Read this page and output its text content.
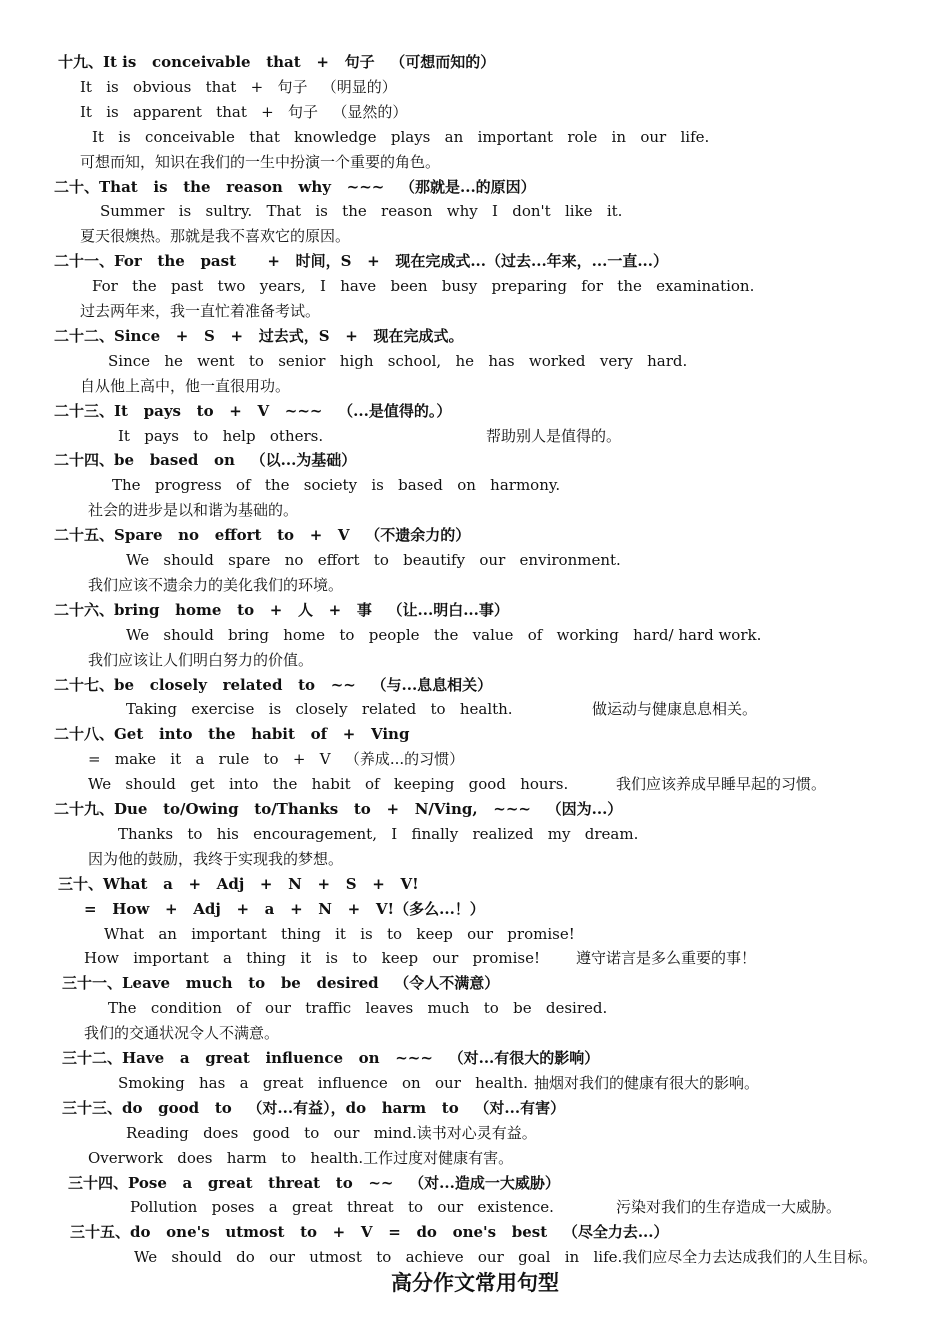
十九、It is   conceivable   that   +   句子   （可想而知的）
It   is   obvious   that   +   句子   （明显的）
It   is   apparent   that   +   句子   （显然的）
It   is   conceivable   that   knowledge   plays   an   important   role   in   our   life.
可想而知，知识在我们的一生中扮演一个重要的角色。
二十、That   is   the   reason   why   ~~~   （那就是...的原因）
Summer   is   sultry.   That   is   the   reason   why   I   don't   like   it.
夏天很燠热。那就是我不喜欢它的原因。
二十一、For   the   past      +   时间，S   +   现在完成式...（过去...年来，...一直...）
For   the   past   two   years,   I   have   been   busy   preparing   for   the   examination.
过去两年来，我一直忙着准备考试。
二十二、Since   +   S   +   过去式，S   +   现在完成式。
Since   he   went   to   senior   high   school,   he   has   worked   very   hard.
自从他上高中，他一直很用功。
二十三、It   pays   to   +   V   ~~~   （...是值得的。）
It   pays   to   help   others.	帮助别人是值得的。
二十四、be   based   on   （以...为基础）
The   progress   of   the   society   is   based   on   harmony.
社会的进步是以和谐为基础的。
二十五、Spare   no   effort   to   +   V   （不遗余力的）
We   should   spare   no   effort   to   beautify   our   environment.
我们应该不遗余力的美化我们的环境。
二十六、bring   home   to   +   人   +   事   （让...明白...事）
We   should   bring   home   to   people   the   value   of   working   hard/ hard work.
我们应该让人们明白努力的价值。
二十七、be   closely   related   to   ~~   （与...息息相关）
Taking   exercise   is   closely   related   to   health.	做运动与健康息息相关。
二十八、Get   into   the   habit   of   +   Ving
=   make   it   a   rule   to   +   V   （养成...的习惯）
We   should   get   into   the   habit   of   keeping   good   hours.	我们应该养成早睡早起的习惯。
二十九、Due   to/Owing   to/Thanks   to   +   N/Ving,   ~~~   （因为...）
Thanks   to   his   encouragement,   I   finally   realized   my   dream.
因为他的鼓励，我终于实现我的梦想。
三十、What   a   +   Adj   +   N   +   S   +   V!
=   How   +   Adj   +   a   +   N   +   V!（多么...！）
What   an   important   thing   it   is   to   keep   our   promise!
How   important   a   thing   it   is   to   keep   our   promise! 遵守诺言是多么重要的事！
三十一、Leave   much   to   be   desired   （令人不满意）
The   condition   of   our   traffic   leaves   much   to   be   desired.
我们的交通状况令人不满意。
三十二、Have   a   great   influence   on   ~~~   （对...有很大的影响）
Smoking   has   a   great   influence   on   our   health. 抽烟对我们的健康有很大的影响。
三十三、do   good   to   （对...有益），do   harm   to   （对...有害）
Reading   does   good   to   our   mind.读书对心灵有益。
Overwork   does   harm   to   health.工作过度对健康有害。
三十四、Pose   a   great   threat   to   ~~   （对...造成一大威胁）
Pollution   poses   a   great   threat   to   our   existence.	污染对我们的生存造成一大威胁。
三十五、do   one's   utmost   to   +   V   =   do   one's   best   （尽全力去...）
We   should   do   our   utmost   to   achieve   our   goal   in   life.我们应尽全力去达成我们的人生目标。
高分作文常用句型
